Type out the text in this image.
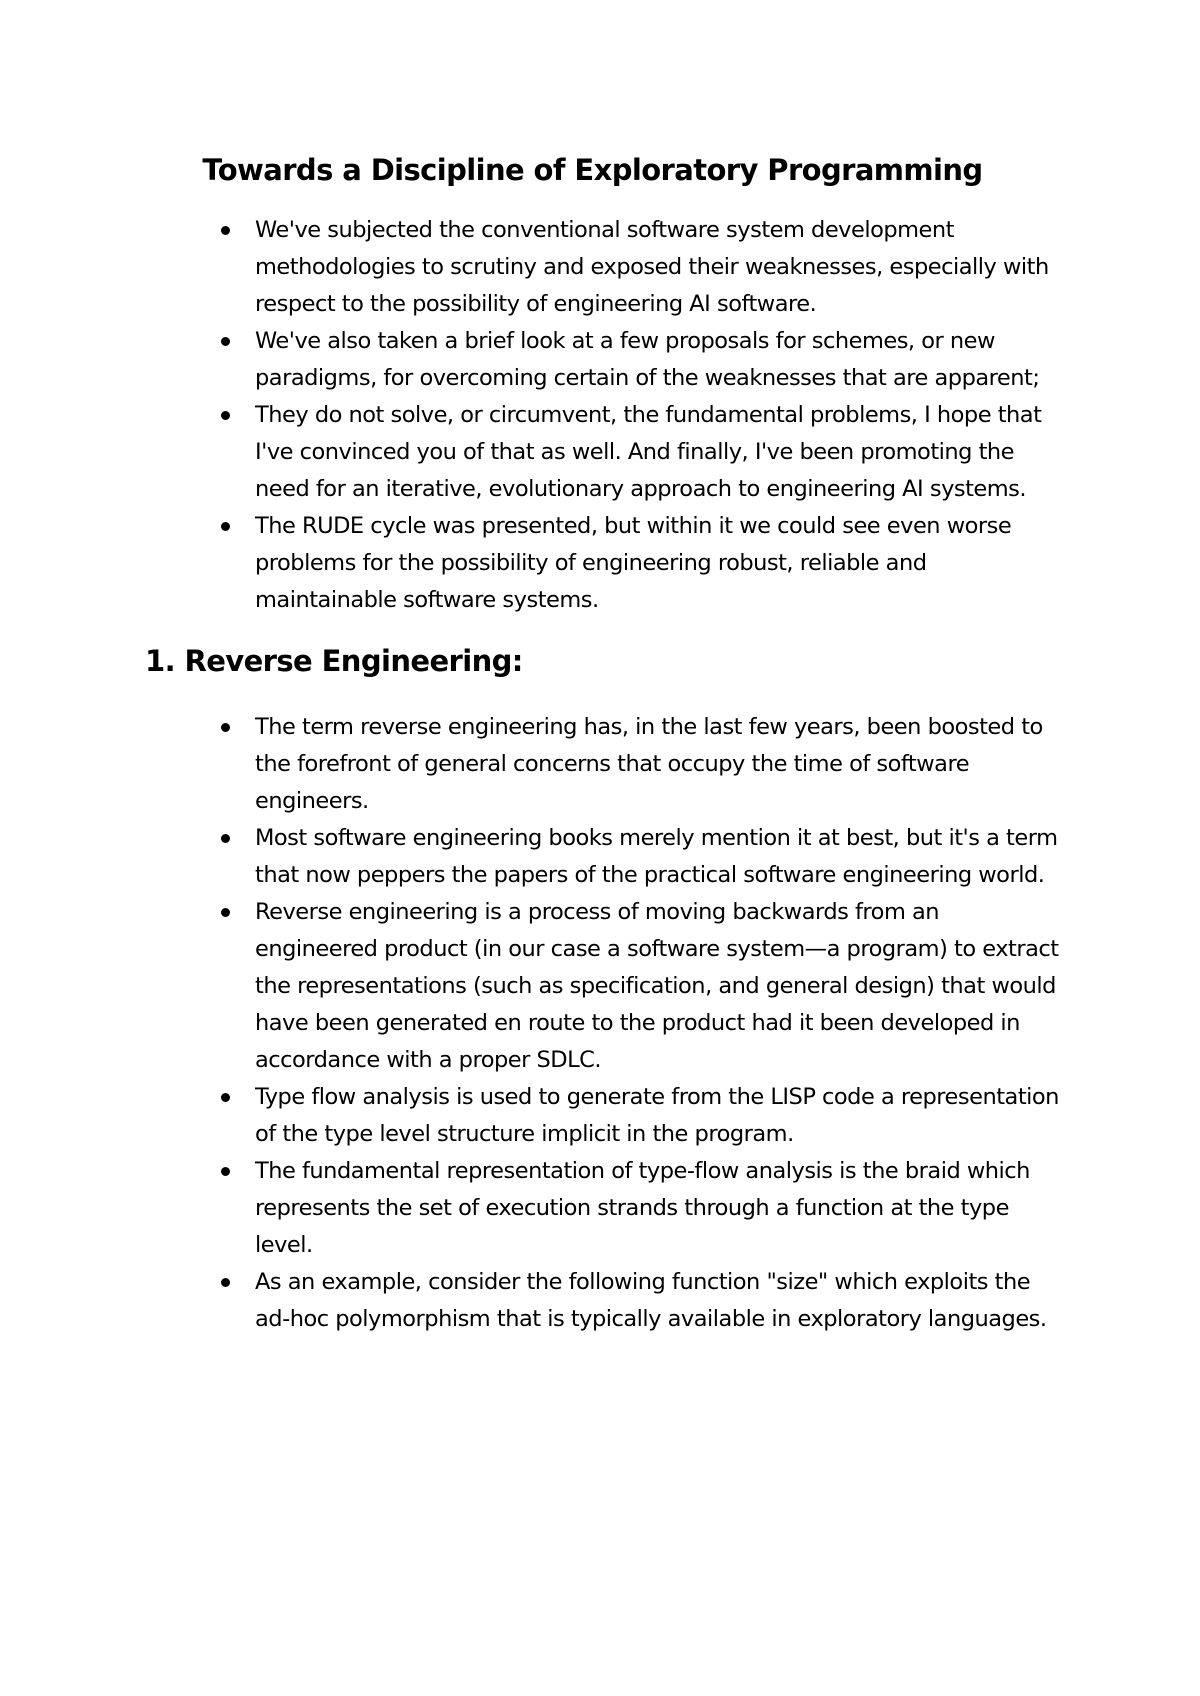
Towards a Discipline of Exploratory Programming
We've subjected the conventional software system development methodologies to scrutiny and exposed their weaknesses, especially with respect to the possibility of engineering AI software.
We've also taken a brief look at a few proposals for schemes, or new paradigms, for overcoming certain of the weaknesses that are apparent;
They do not solve, or circumvent, the fundamental problems, I hope that I've convinced you of that as well. And finally, I've been promoting the need for an iterative, evolutionary approach to engineering AI systems.
The RUDE cycle was presented, but within it we could see even worse problems for the possibility of engineering robust, reliable and maintainable software systems.
1. Reverse Engineering:
The term reverse engineering has, in the last few years, been boosted to the forefront of general concerns that occupy the time of software engineers.
Most software engineering books merely mention it at best, but it's a term that now peppers the papers of the practical software engineering world.
Reverse engineering is a process of moving backwards from an engineered product (in our case a software system—a program) to extract the representations (such as specification, and general design) that would have been generated en route to the product had it been developed in accordance with a proper SDLC.
Type flow analysis is used to generate from the LISP code a representation of the type level structure implicit in the program.
The fundamental representation of type-flow analysis is the braid which represents the set of execution strands through a function at the type level.
As an example, consider the following function "size" which exploits the ad-hoc polymorphism that is typically available in exploratory languages.
